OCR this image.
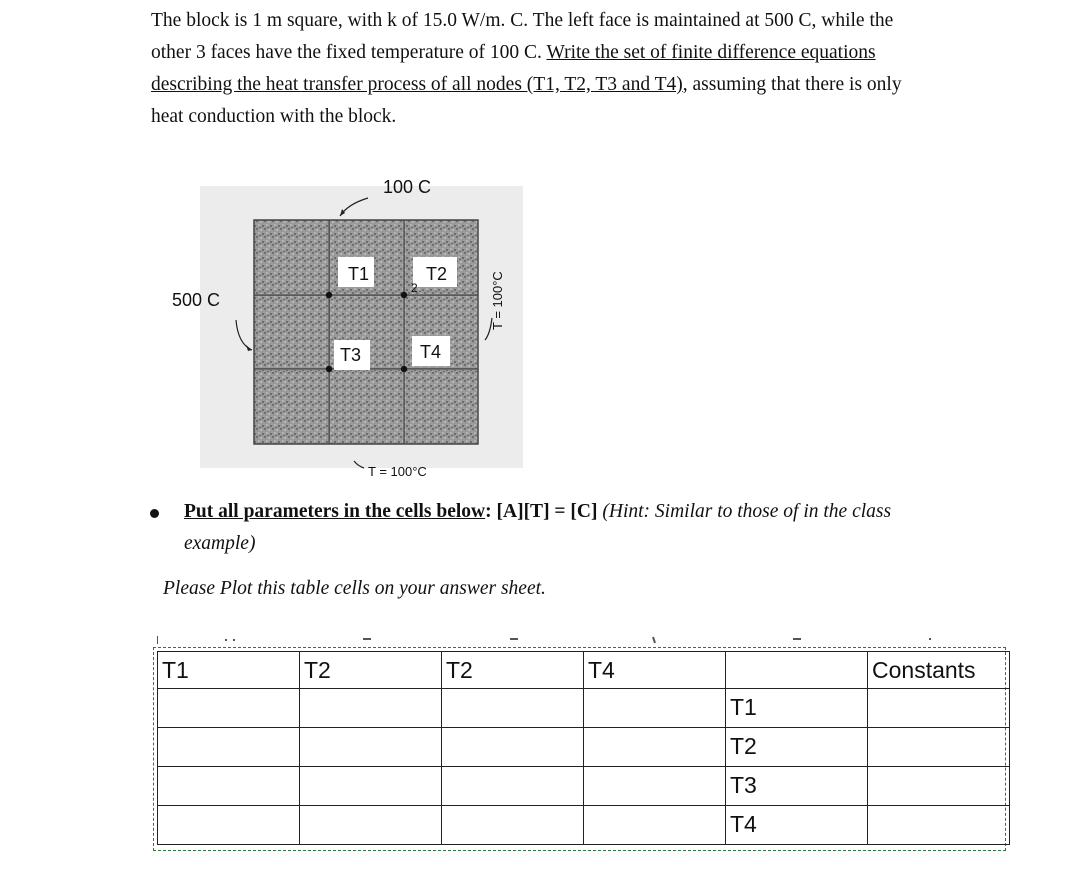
The block is 1 m square, with k of 15.0 W/m. C. The left face is maintained at 500 C, while the other 3 faces have the fixed temperature of 100 C. Write the set of finite difference equations describing the heat transfer process of all nodes (T1, T2, T3 and T4), assuming that there is only heat conduction with the block.
T1	T2
T3	T4
2
100 C
500 C
T = 100°C
T = 100°C
Put all parameters in the cells below: [A][T] = [C] (Hint: Similar to those of in the class example)
Please Plot this table cells on your answer sheet.
T1	T2	T2	T4		Constants
				T1	
				T2	
				T3	
				T4	
